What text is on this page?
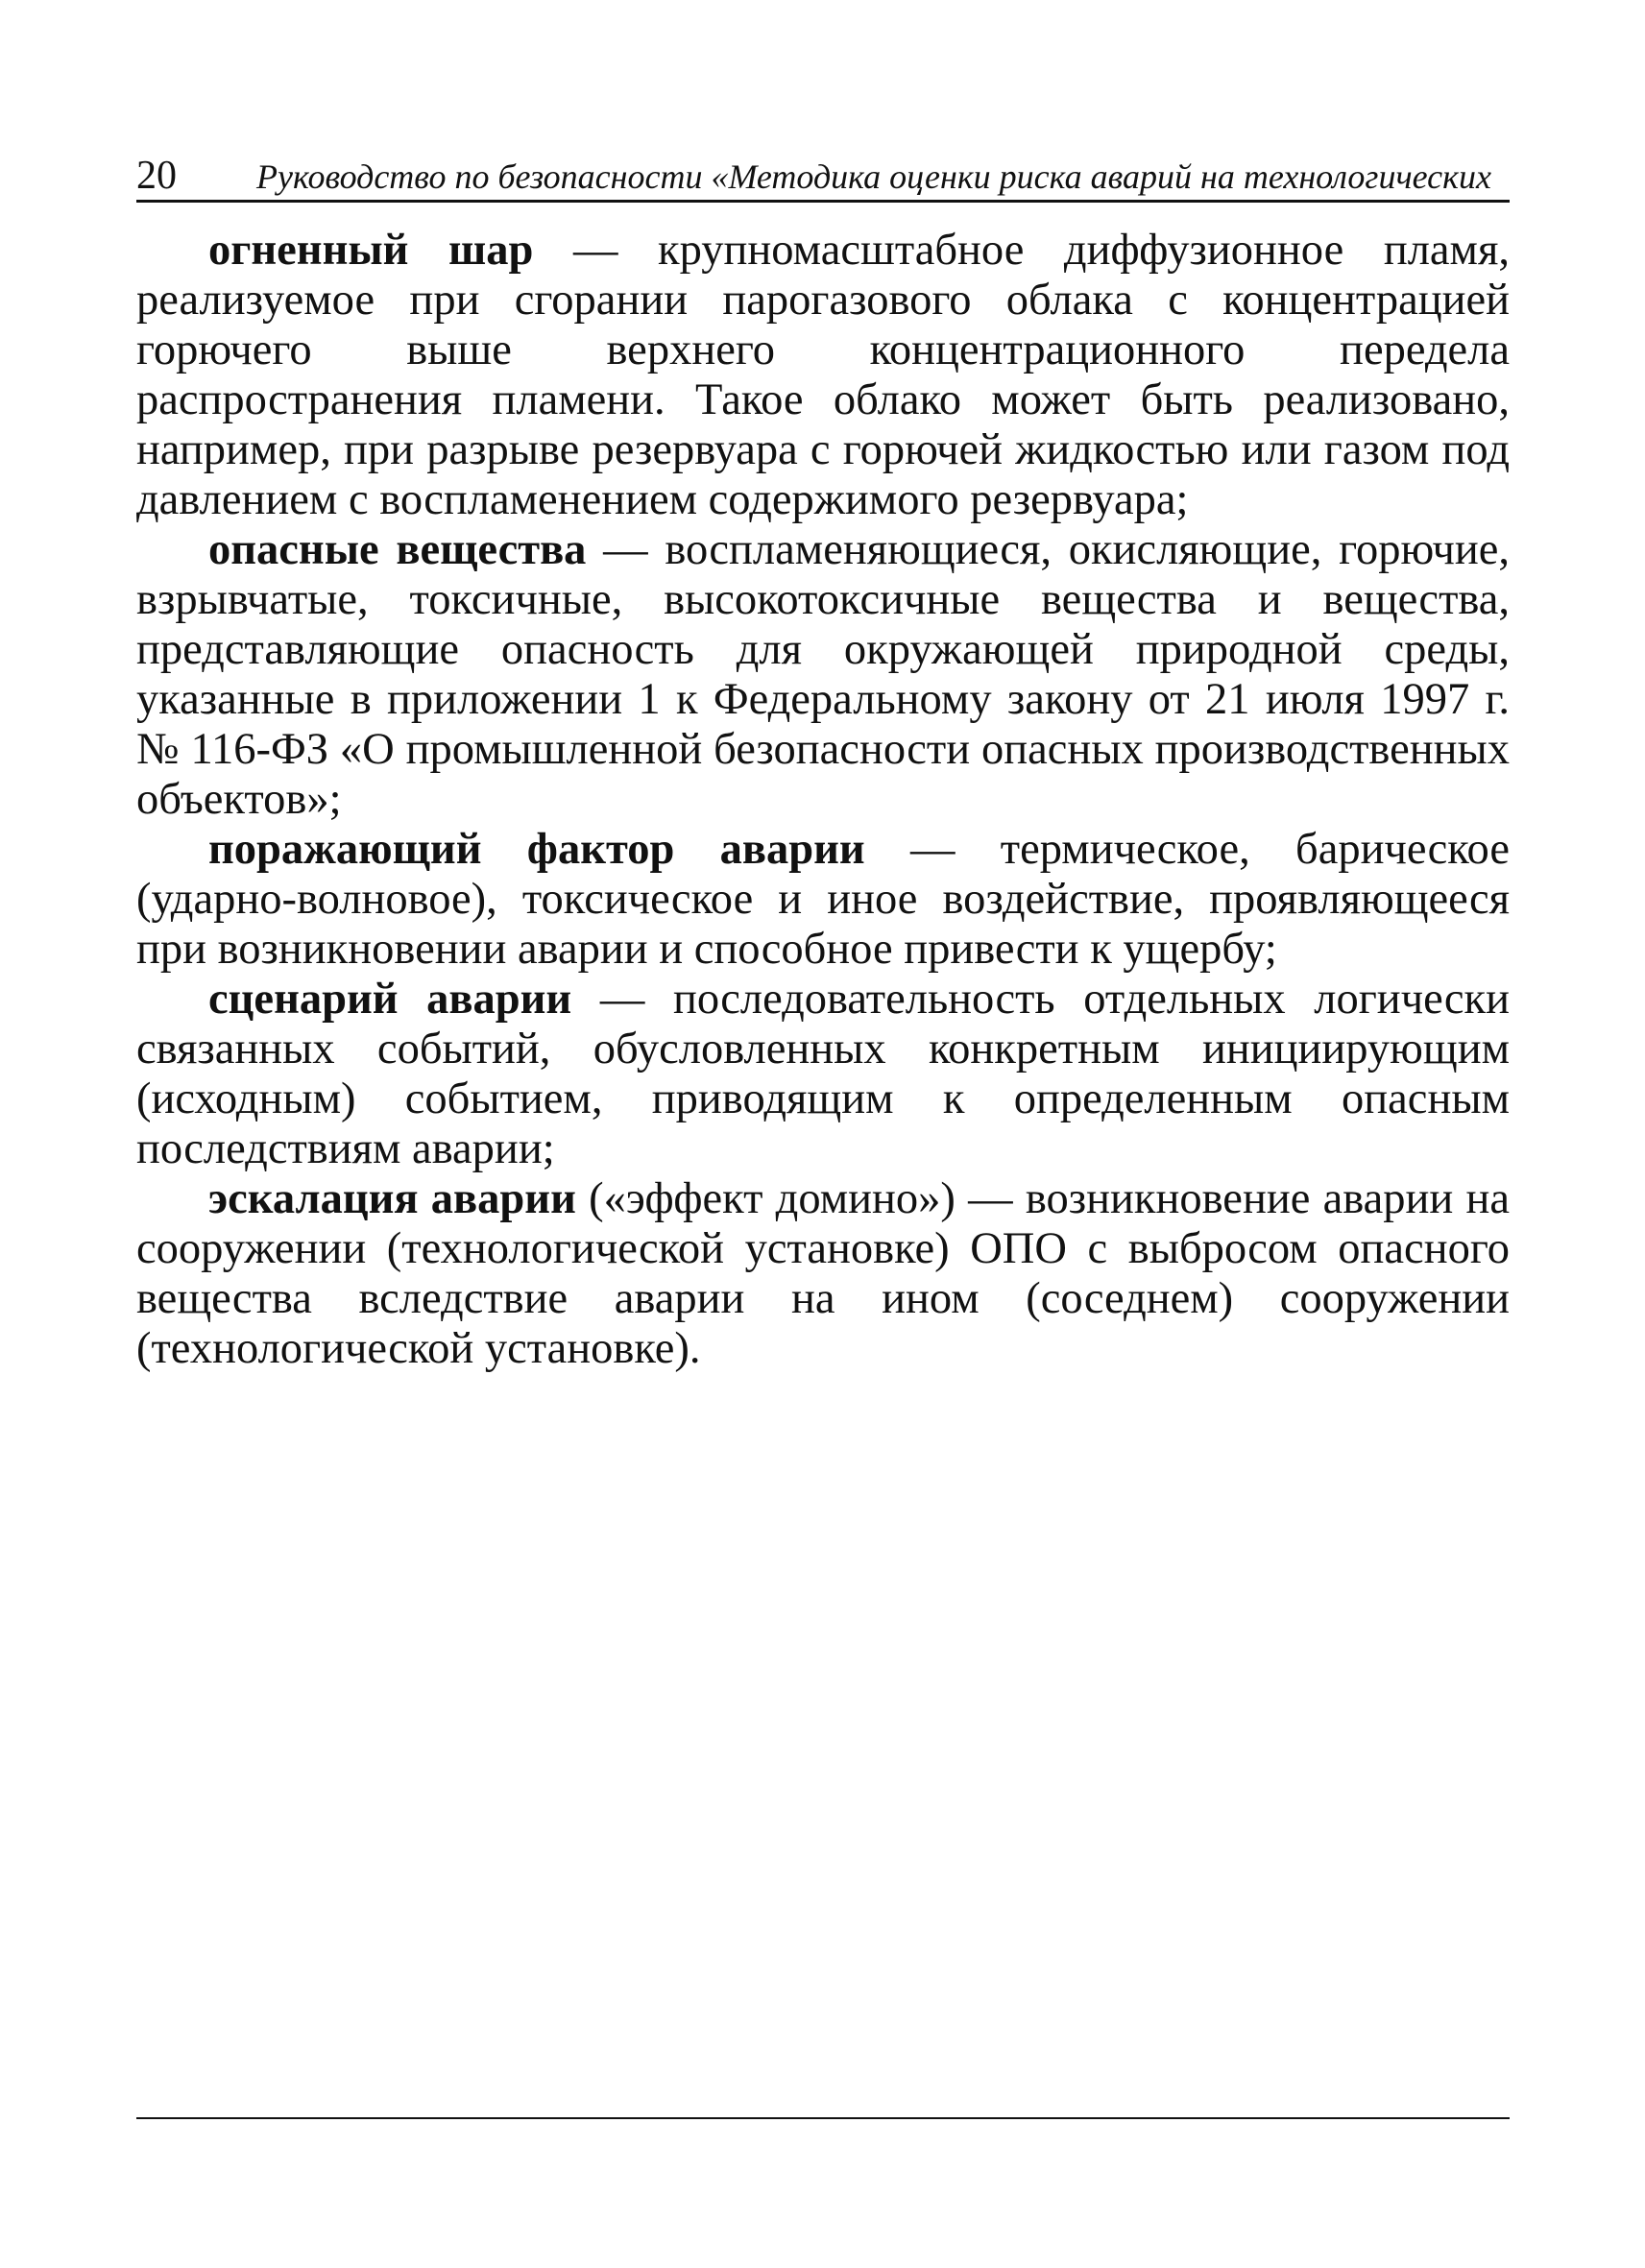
20 Руководство по безопасности «Методика оценки риска аварий на технологических

огненный шар — крупномасштабное диффузионное пламя, реализуемое при сгорании парогазового облака с концентрацией горючего выше верхнего концентрационного передела распространения пламени. Такое облако может быть реализовано, например, при разрыве резервуара с горючей жидкостью или газом под давлением с воспламенением содержимого резервуара;

опасные вещества — воспламеняющиеся, окисляющие, горючие, взрывчатые, токсичные, высокотоксичные вещества и вещества, представляющие опасность для окружающей природной среды, указанные в приложении 1 к Федеральному закону от 21 июля 1997 г. № 116-ФЗ «О промышленной безопасности опасных производственных объектов»;

поражающий фактор аварии — термическое, барическое (ударно-волновое), токсическое и иное воздействие, проявляющееся при возникновении аварии и способное привести к ущербу;

сценарий аварии — последовательность отдельных логически связанных событий, обусловленных конкретным инициирующим (исходным) событием, приводящим к определенным опасным последствиям аварии;

эскалация аварии («эффект домино») — возникновение аварии на сооружении (технологической установке) ОПО с выбросом опасного вещества вследствие аварии на ином (соседнем) сооружении (технологической установке).
